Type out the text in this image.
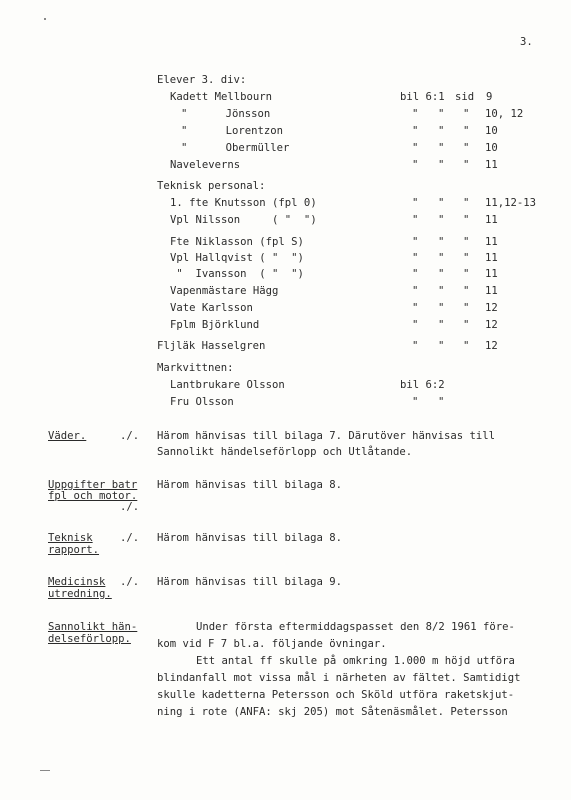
3.
Elever 3. div:
Kadett Mellbourn	bil 6:1 sid 9
"      Jönsson	" " " 10, 12
"      Lorentzon	" " " 10
"      Obermüller	" " " 10
Naveleverns	" " " 11
Teknisk personal:
1. fte Knutsson (fpl 0)	" " " 11,12-13
Vpl Nilsson     ( "  ")	" " " 11
Fte Niklasson (fpl S)	" " " 11
Vpl Hallqvist ( "  ")	" " " 11
"  Ivansson  ( "  ")	" " " 11
Vapenmästare Hägg	" " " 11
Vate Karlsson	" " " 12
Fplm Björklund	" " " 12
Fljläk Hasselgren	" " " 12
Markvittnen:
Lantbrukare Olsson	bil 6:2
Fru Olsson	" "
Väder.	./. Härom hänvisas till bilaga 7. Därutöver hänvisas till
Sannolikt händelseförlopp och Utlåtande.
Uppgifter batr
fpl och motor.
./.
Härom hänvisas till bilaga 8.
Teknisk
rapport.
./. Härom hänvisas till bilaga 8.
Medicinsk
utredning.
./. Härom hänvisas till bilaga 9.
Sannolikt hän-
delseförlopp.
Under första eftermiddagspasset den 8/2 1961 före-
kom vid F 7 bl.a. följande övningar.
Ett antal ff skulle på omkring 1.000 m höjd utföra
blindanfall mot vissa mål i närheten av fältet. Samtidigt
skulle kadetterna Petersson och Sköld utföra raketskjut-
ning i rote (ANFA: skj 205) mot Såtenäsmålet. Petersson
